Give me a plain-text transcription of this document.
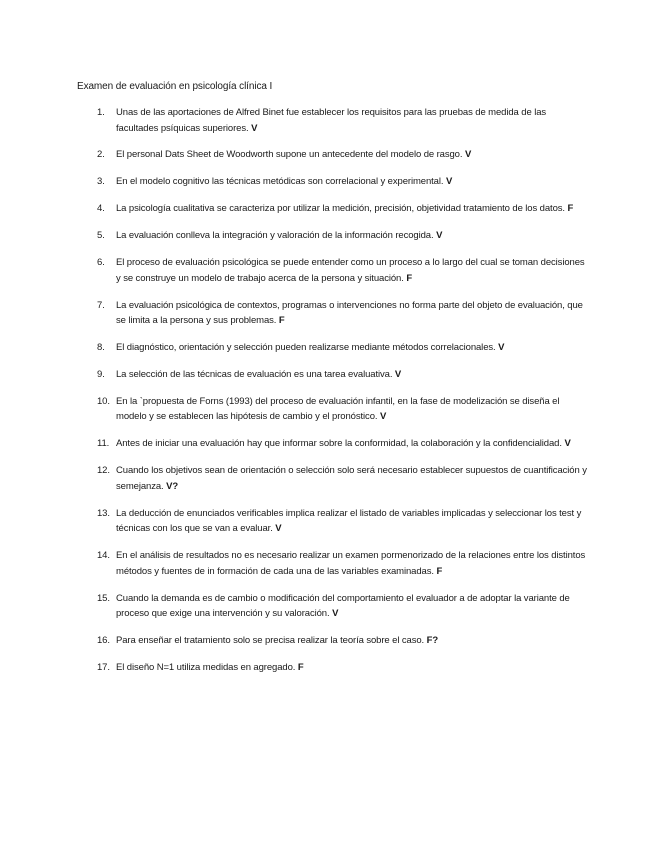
Examen de evaluación en psicología clínica I
1.	Unas de las aportaciones de Alfred Binet fue establecer los requisitos para las pruebas de medida de las facultades psíquicas superiores. V
2.	El personal Dats Sheet de Woodworth supone un antecedente del modelo de rasgo. V
3.	En el modelo cognitivo las técnicas metódicas son correlacional y experimental. V
4.	La psicología cualitativa se caracteriza por utilizar la medición, precisión, objetividad tratamiento de los datos. F
5.	La evaluación conlleva la integración y valoración de la información recogida. V
6.	El proceso de evaluación psicológica se puede entender como un proceso a lo largo del cual se toman decisiones y se construye un modelo de trabajo acerca de la persona y situación. F
7.	La evaluación psicológica de contextos, programas o intervenciones no forma parte del objeto de evaluación, que se limita a la persona y sus problemas. F
8.	El diagnóstico, orientación y selección pueden realizarse mediante métodos correlacionales. V
9.	La selección de las técnicas de evaluación es una tarea evaluativa. V
10. En la `propuesta de Forns (1993) del proceso de evaluación infantil, en la fase de modelización se diseña el modelo y se establecen las hipótesis de cambio y el pronóstico. V
11. Antes de iniciar una evaluación hay que informar sobre la conformidad, la colaboración y la confidencialidad. V
12. Cuando los objetivos sean de orientación o selección solo será necesario establecer supuestos de cuantificación y semejanza. V?
13. La deducción de enunciados verificables implica realizar el listado de variables implicadas y seleccionar los test y técnicas con los que se van a evaluar. V
14. En el análisis de resultados no es necesario realizar un examen pormenorizado de la relaciones entre los distintos métodos y fuentes de in formación de cada una de las variables examinadas. F
15. Cuando la demanda es de cambio o modificación del comportamiento el evaluador a de adoptar la variante de proceso que exige una intervención y su valoración. V
16. Para enseñar el tratamiento solo se precisa realizar la teoría sobre el caso. F?
17. El diseño N=1 utiliza medidas en agregado. F
